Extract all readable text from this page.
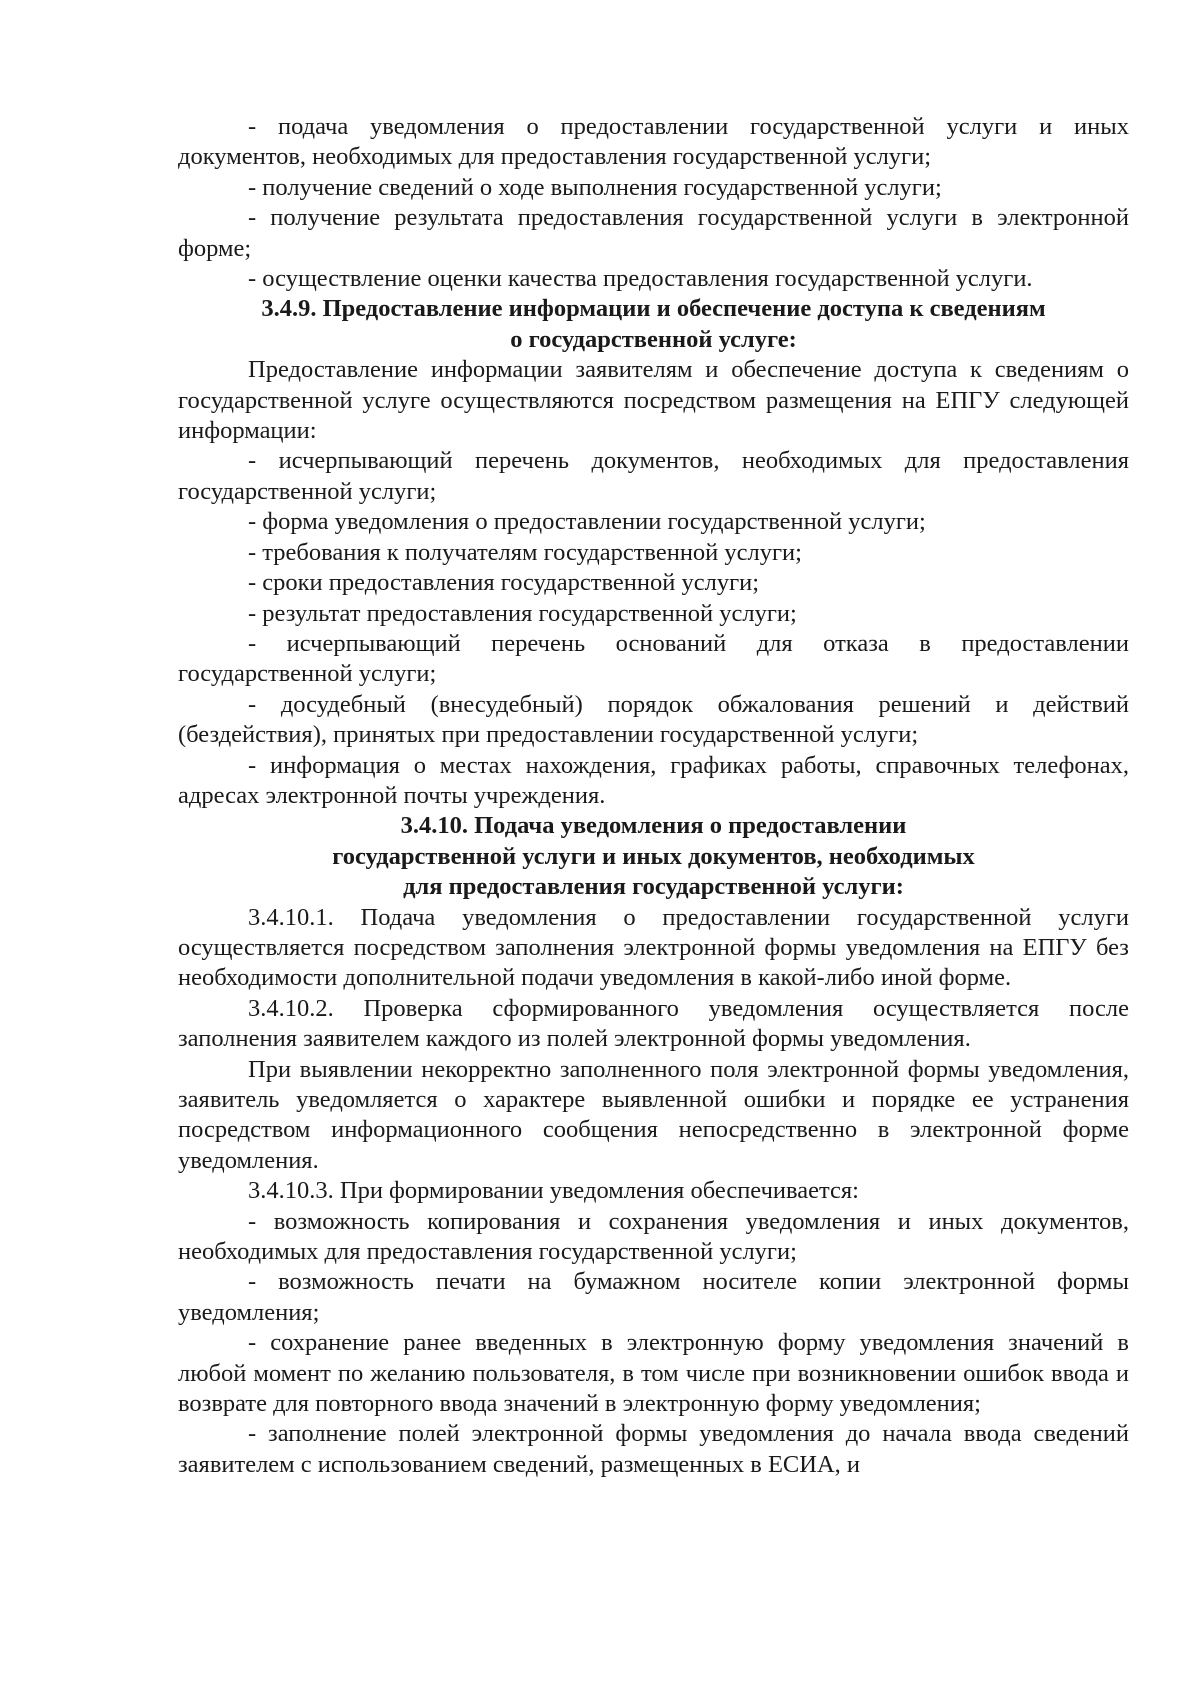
- подача уведомления о предоставлении государственной услуги и иных документов, необходимых для предоставления государственной услуги;

- получение сведений о ходе выполнения государственной услуги;

- получение результата предоставления государственной услуги в электронной форме;

- осуществление оценки качества предоставления государственной услуги.

3.4.9. Предоставление информации и обеспечение доступа к сведениям
о государственной услуге:

Предоставление информации заявителям и обеспечение доступа к сведениям о государственной услуге осуществляются посредством размещения на ЕПГУ следующей информации:

- исчерпывающий перечень документов, необходимых для предоставления государственной услуги;

- форма уведомления о предоставлении государственной услуги;

- требования к получателям государственной услуги;

- сроки предоставления государственной услуги;

- результат предоставления государственной услуги;

- исчерпывающий перечень оснований для отказа в предоставлении государственной услуги;

- досудебный (внесудебный) порядок обжалования решений и действий (бездействия), принятых при предоставлении государственной услуги;

- информация о местах нахождения, графиках работы, справочных телефонах, адресах электронной почты учреждения.

3.4.10. Подача уведомления о предоставлении
государственной услуги и иных документов, необходимых
для предоставления государственной услуги:

3.4.10.1. Подача уведомления о предоставлении государственной услуги осуществляется посредством заполнения электронной формы уведомления на ЕПГУ без необходимости дополнительной подачи уведомления в какой-либо иной форме.

3.4.10.2. Проверка сформированного уведомления осуществляется после заполнения заявителем каждого из полей электронной формы уведомления.

При выявлении некорректно заполненного поля электронной формы уведомления, заявитель уведомляется о характере выявленной ошибки и порядке ее устранения посредством информационного сообщения непосредственно в электронной форме уведомления.

3.4.10.3. При формировании уведомления обеспечивается:

- возможность копирования и сохранения уведомления и иных документов, необходимых для предоставления государственной услуги;

- возможность печати на бумажном носителе копии электронной формы уведомления;

- сохранение ранее введенных в электронную форму уведомления значений в любой момент по желанию пользователя, в том числе при возникновении ошибок ввода и возврате для повторного ввода значений в электронную форму уведомления;

- заполнение полей электронной формы уведомления до начала ввода сведений заявителем с использованием сведений, размещенных в ЕСИА, и
